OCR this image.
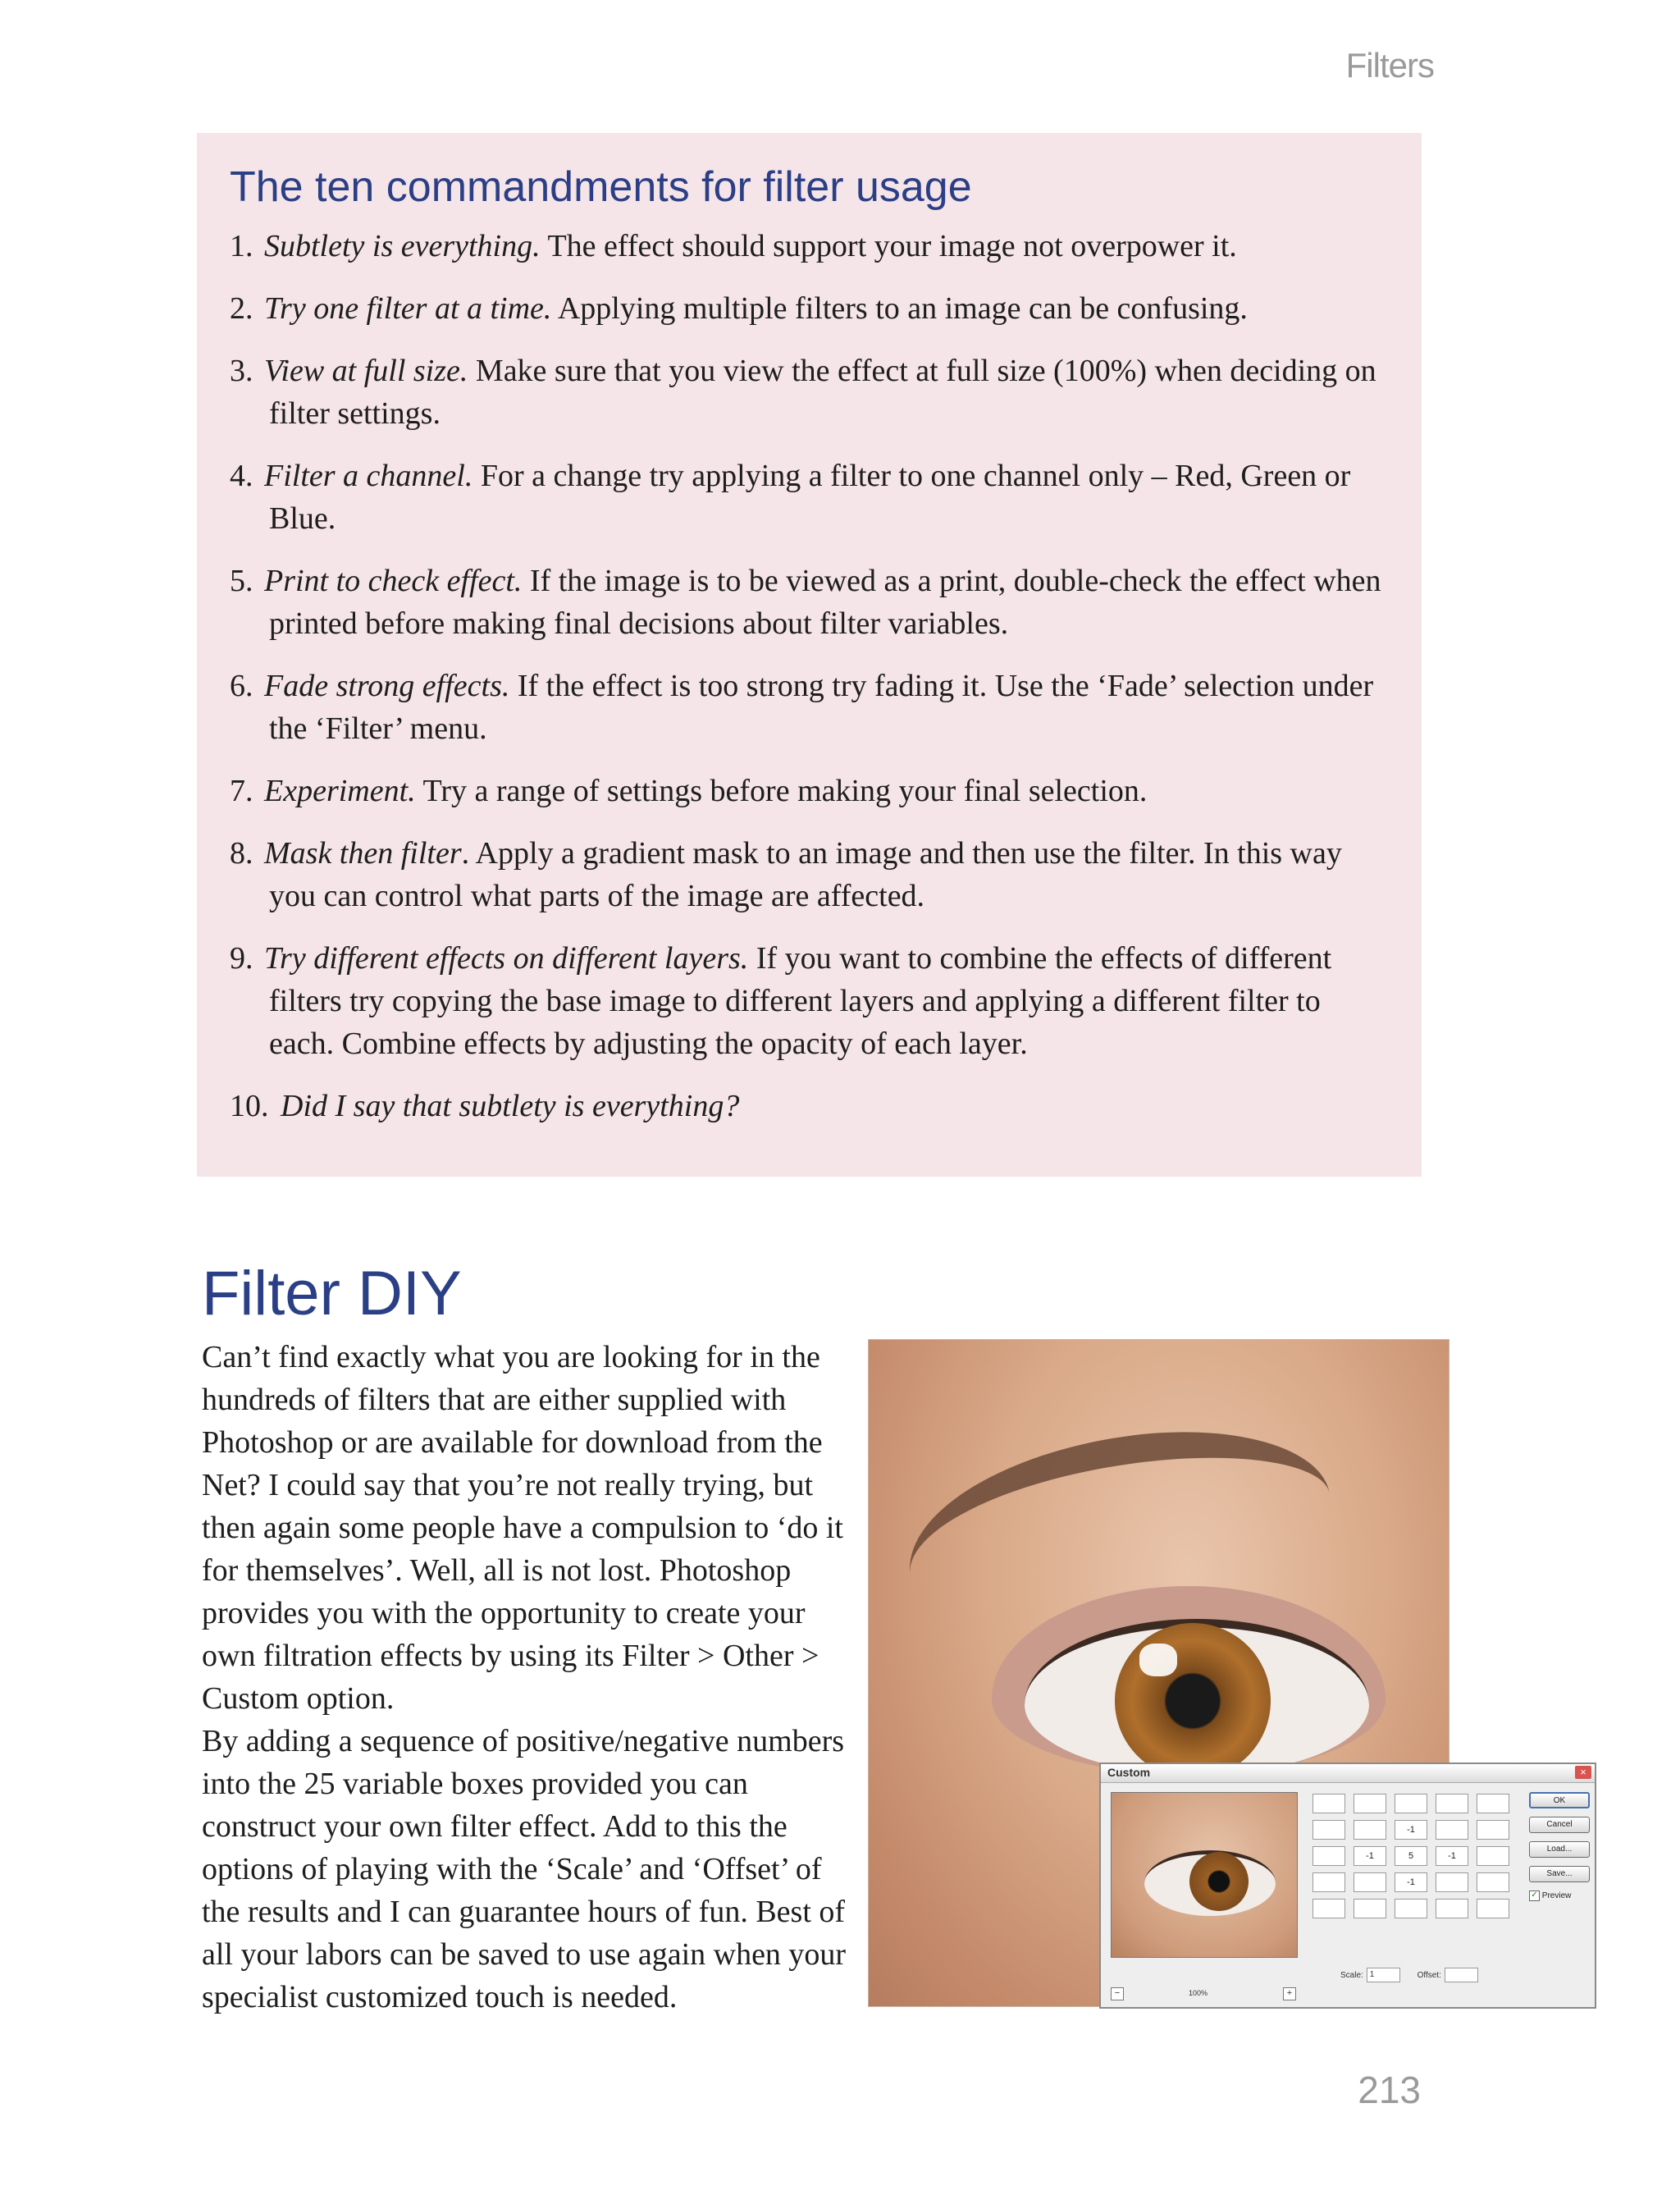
Filters
The ten commandments for filter usage
1. Subtlety is everything. The effect should support your image not overpower it.
2. Try one filter at a time. Applying multiple filters to an image can be confusing.
3. View at full size. Make sure that you view the effect at full size (100%) when deciding on filter settings.
4. Filter a channel. For a change try applying a filter to one channel only – Red, Green or Blue.
5. Print to check effect. If the image is to be viewed as a print, double-check the effect when printed before making final decisions about filter variables.
6. Fade strong effects. If the effect is too strong try fading it. Use the ‘Fade’ selection under the ‘Filter’ menu.
7. Experiment. Try a range of settings before making your final selection.
8. Mask then filter. Apply a gradient mask to an image and then use the filter. In this way you can control what parts of the image are affected.
9. Try different effects on different layers. If you want to combine the effects of different filters try copying the base image to different layers and applying a different filter to each. Combine effects by adjusting the opacity of each layer.
10. Did I say that subtlety is everything?
Filter DIY

Can’t find exactly what you are looking for in the hundreds of filters that are either supplied with Photoshop or are available for download from the Net? I could say that you’re not really trying, but then again some people have a compulsion to ‘do it for themselves’. Well, all is not lost. Photoshop provides you with the opportunity to create your own filtration effects by using its Filter > Other > Custom option.

By adding a sequence of positive/negative numbers into the 25 variable boxes provided you can construct your own filter effect. Add to this the options of playing with the ‘Scale’ and ‘Offset’ of the results and I can guarantee hours of fun. Best of all your labors can be saved to use again when your specialist customized touch is needed.

Custom	×
−	100%	+
-1
-1	5	-1
-1
Scale: 1	Offset:
OK
Cancel
Load...
Save...
✓ Preview
213
